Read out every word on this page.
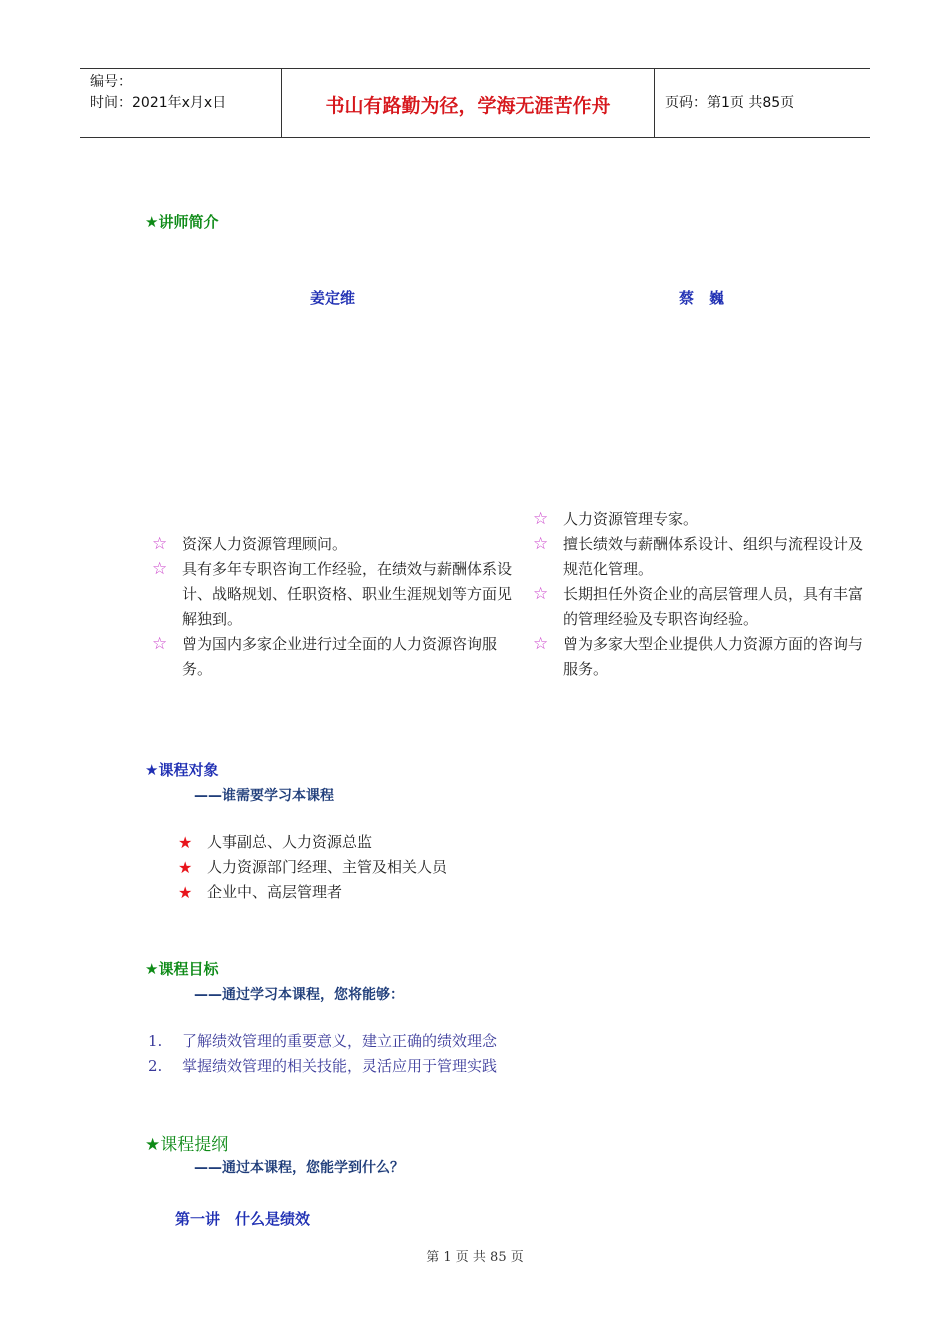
编号：
时间：2021年x月x日	书山有路勤为径，学海无涯苦作舟	页码：第1页 共85页
★讲师简介
姜定维	蔡　巍
☆ 资深人力资源管理顾问。
☆ 具有多年专职咨询工作经验，在绩效与薪酬体系设计、战略规划、任职资格、职业生涯规划等方面见解独到。
☆ 曾为国内多家企业进行过全面的人力资源咨询服务。
☆ 人力资源管理专家。
☆ 擅长绩效与薪酬体系设计、组织与流程设计及规范化管理。
☆ 长期担任外资企业的高层管理人员，具有丰富的管理经验及专职咨询经验。
☆ 曾为多家大型企业提供人力资源方面的咨询与服务。
★课程对象
——谁需要学习本课程
★ 人事副总、人力资源总监
★ 人力资源部门经理、主管及相关人员
★ 企业中、高层管理者
★课程目标
——通过学习本课程，您将能够：
1. 了解绩效管理的重要意义，建立正确的绩效理念
2. 掌握绩效管理的相关技能，灵活应用于管理实践
★课程提纲
——通过本课程，您能学到什么？
第一讲　什么是绩效
第 1 页 共 85 页
